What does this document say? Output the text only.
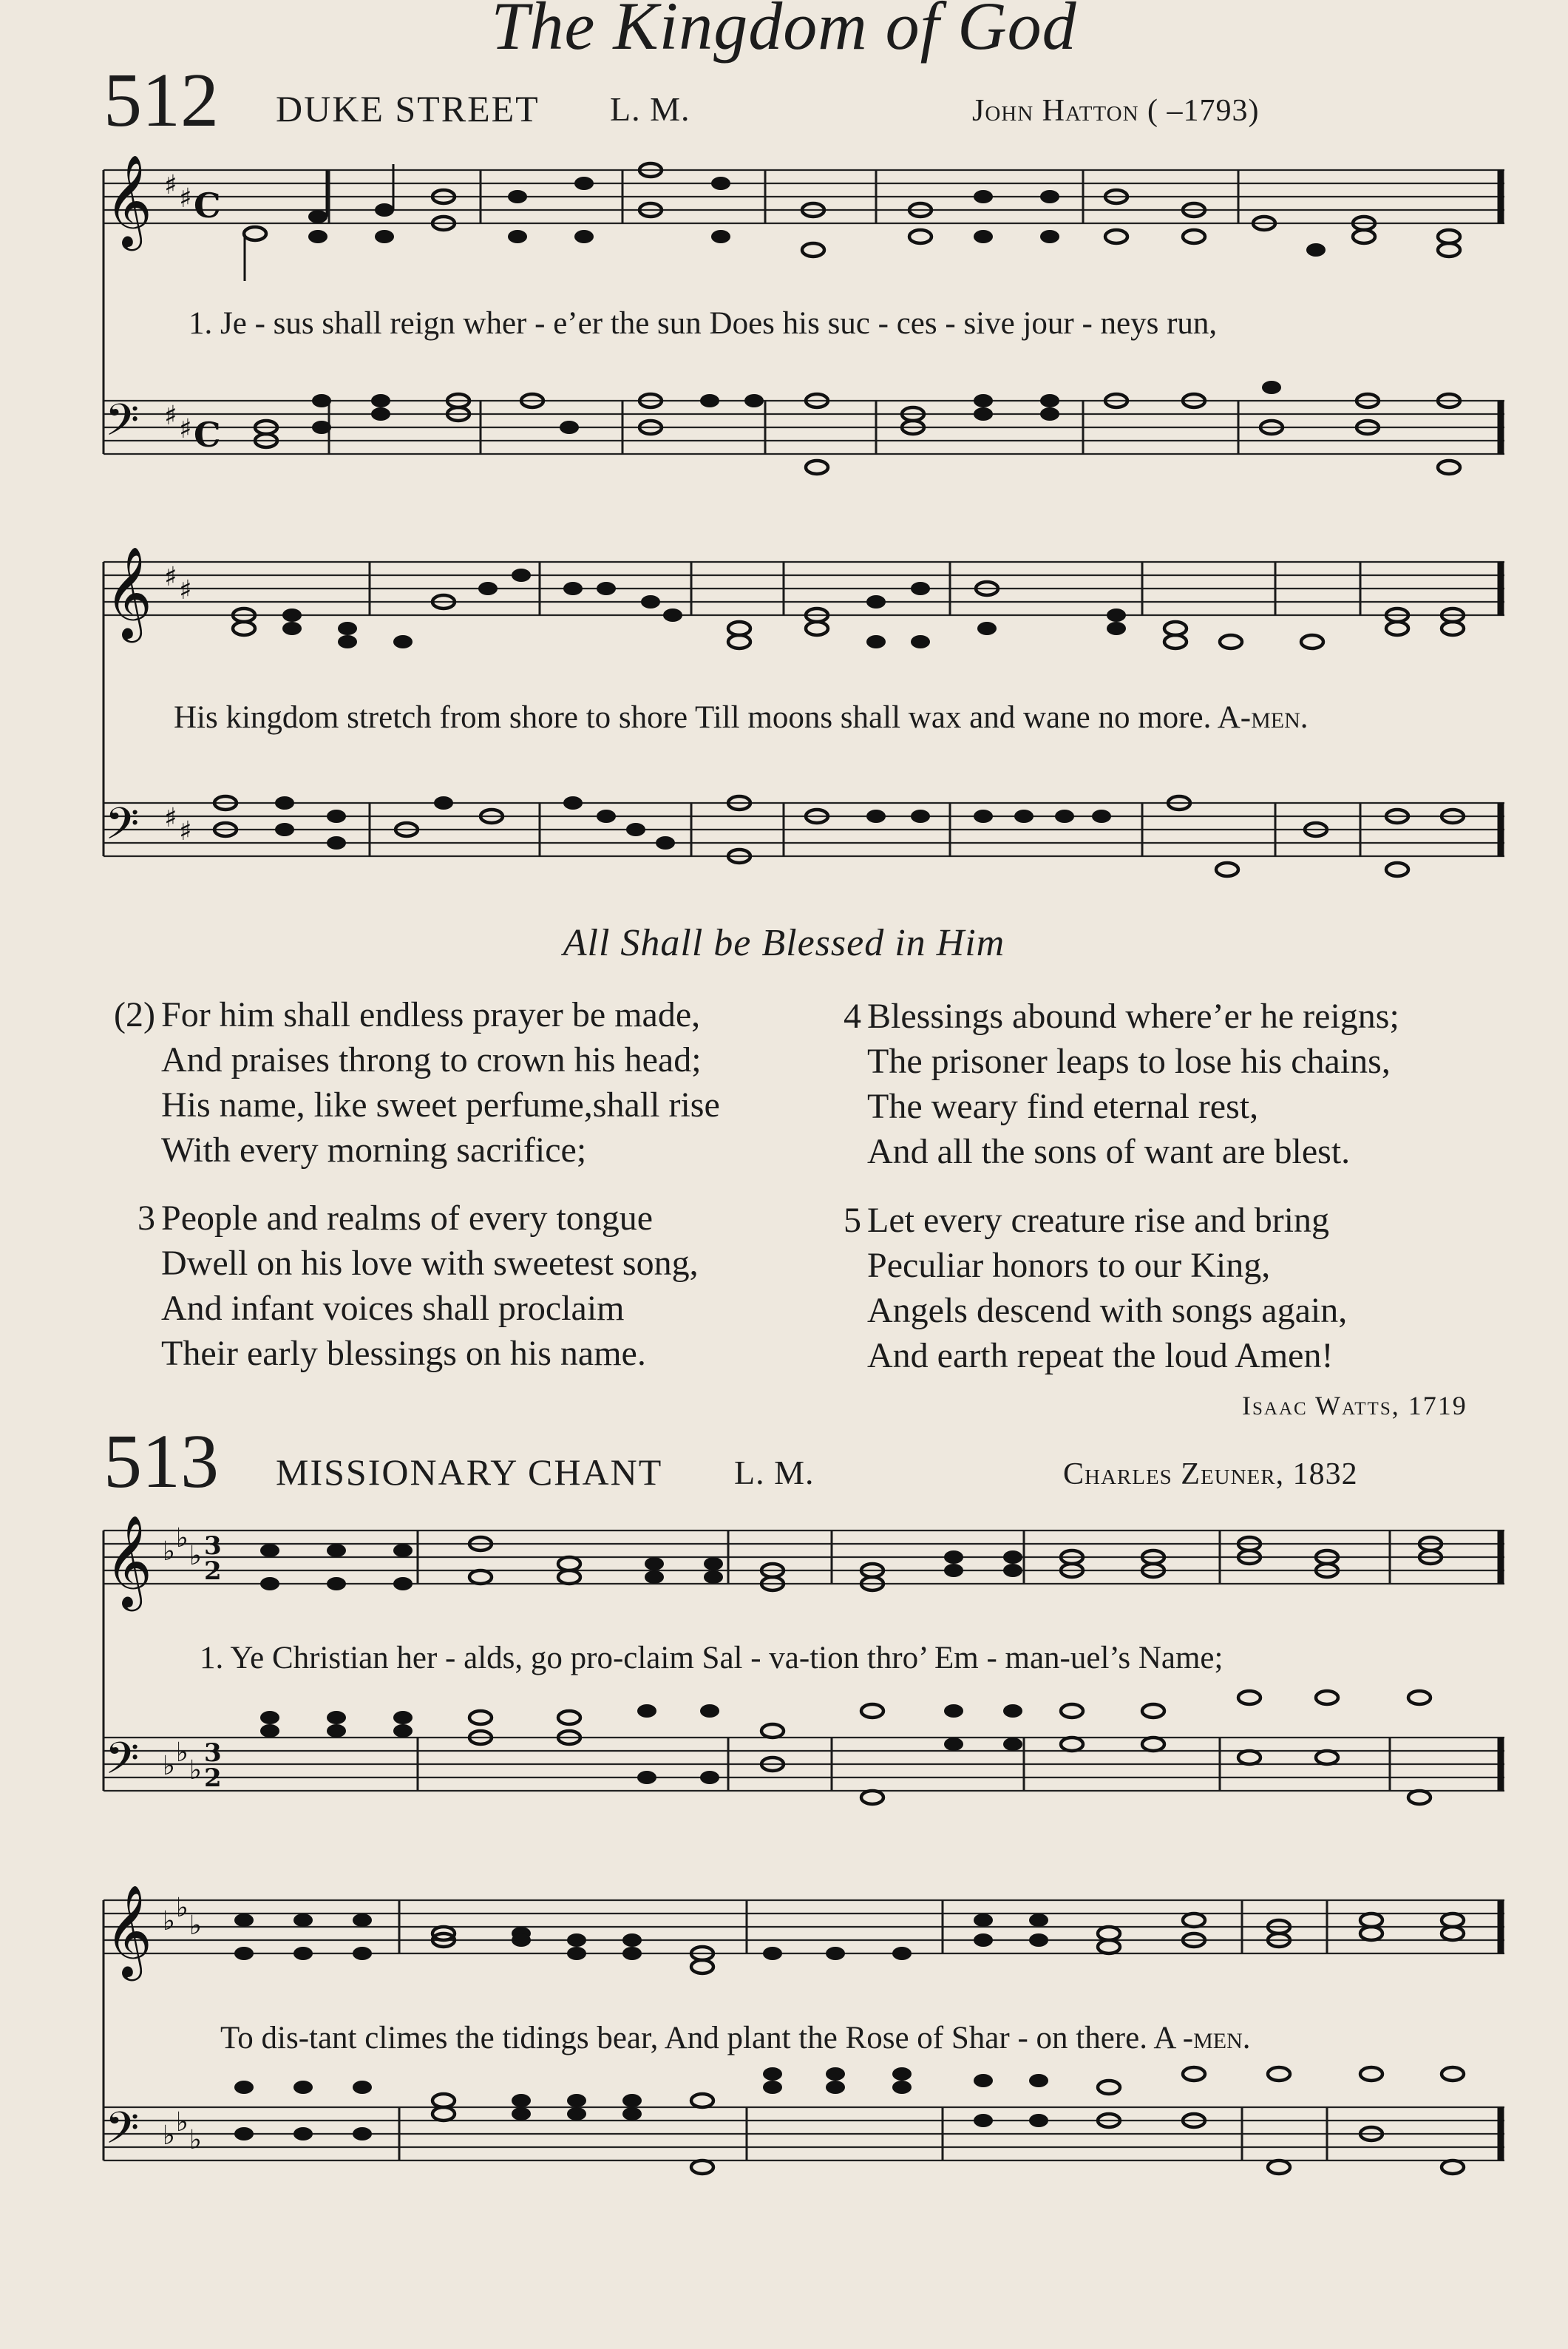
The Kingdom of God
512 DUKE STREET L. M.	John Hatton ( –1793)
𝄞
𝄢
♯ ♯ C
♯ ♯ C
1. Je - sus shall reign wher - e’er the sun Does his suc - ces - sive jour - neys run,
𝄞
𝄢
♯ ♯
♯ ♯
His kingdom stretch from shore to shore Till moons shall wax and wane no more. A-men.
All Shall be Blessed in Him
(2) For him shall endless prayer be made,
And praises throng to crown his head;
His name, like sweet perfume,shall rise
With every morning sacrifice;
3 People and realms of every tongue
Dwell on his love with sweetest song,
And infant voices shall proclaim
Their early blessings on his name.
4 Blessings abound where’er he reigns;
The prisoner leaps to lose his chains,
The weary find eternal rest,
And all the sons of want are blest.
5 Let every creature rise and bring
Peculiar honors to our King,
Angels descend with songs again,
And earth repeat the loud Amen!
Isaac Watts, 1719
513 MISSIONARY CHANT L. M.	Charles Zeuner, 1832
𝄞
𝄢
♭ ♭
♭ 3
2
♭ ♭
♭
3
2
1. Ye Christian her - alds, go pro-claim Sal - va-tion thro’ Em - man-uel’s Name;
𝄞
𝄢
♭ ♭
♭
♭ ♭
♭
To dis-tant climes the tidings bear, And plant the Rose of Shar - on there. A -men.
